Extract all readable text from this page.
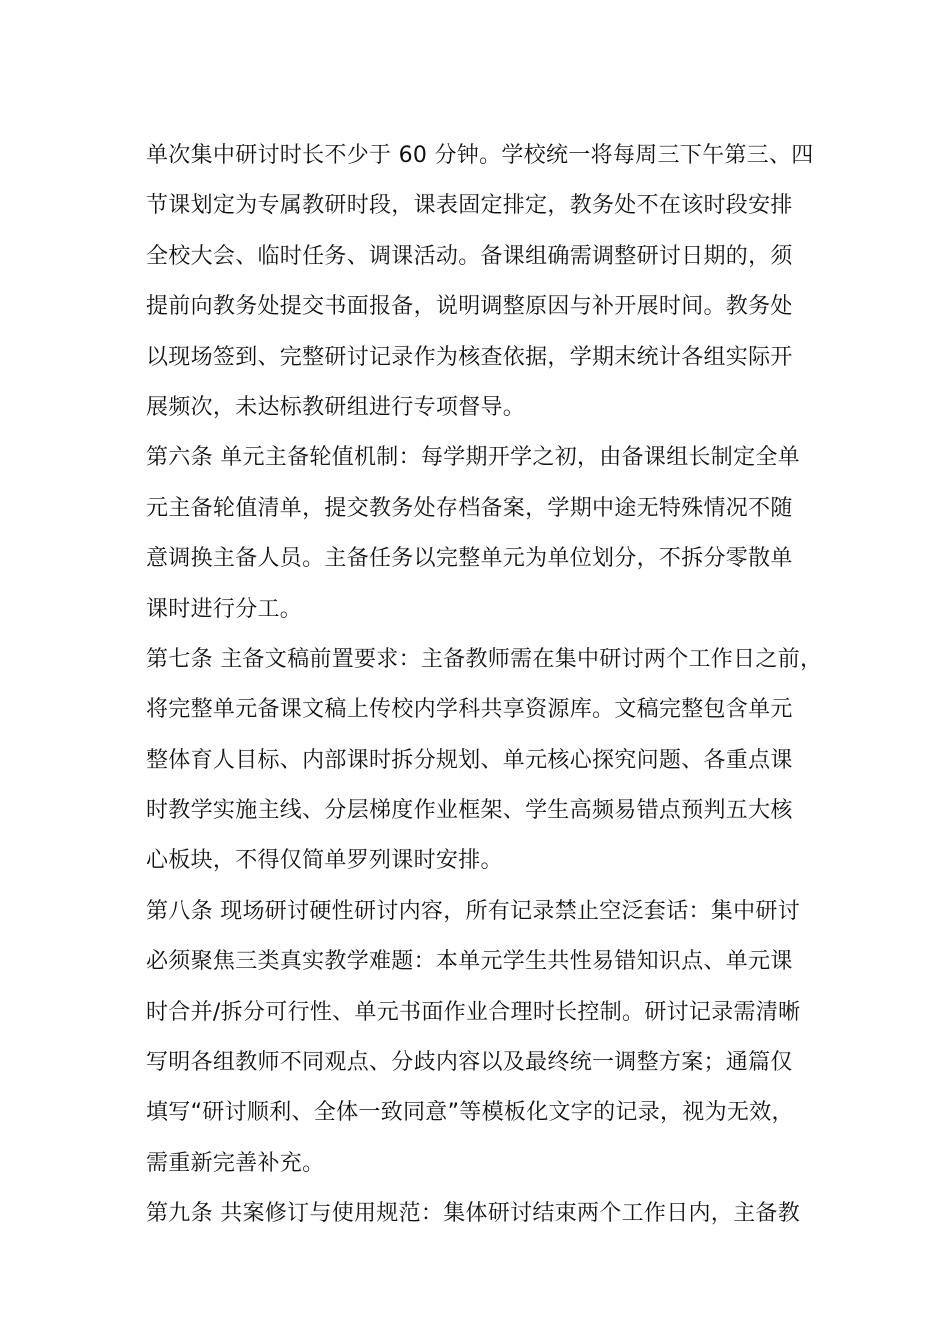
单次集中研讨时长不少于 60 分钟。学校统一将每周三下午第三、四
节课划定为专属教研时段，课表固定排定，教务处不在该时段安排
全校大会、临时任务、调课活动。备课组确需调整研讨日期的，须
提前向教务处提交书面报备，说明调整原因与补开展时间。教务处
以现场签到、完整研讨记录作为核查依据，学期末统计各组实际开
展频次，未达标教研组进行专项督导。
第六条 单元主备轮值机制：每学期开学之初，由备课组长制定全单
元主备轮值清单，提交教务处存档备案，学期中途无特殊情况不随
意调换主备人员。主备任务以完整单元为单位划分，不拆分零散单
课时进行分工。
第七条 主备文稿前置要求：主备教师需在集中研讨两个工作日之前，
将完整单元备课文稿上传校内学科共享资源库。文稿完整包含单元
整体育人目标、内部课时拆分规划、单元核心探究问题、各重点课
时教学实施主线、分层梯度作业框架、学生高频易错点预判五大核
心板块，不得仅简单罗列课时安排。
第八条 现场研讨硬性研讨内容，所有记录禁止空泛套话：集中研讨
必须聚焦三类真实教学难题：本单元学生共性易错知识点、单元课
时合并/拆分可行性、单元书面作业合理时长控制。研讨记录需清晰
写明各组教师不同观点、分歧内容以及最终统一调整方案；通篇仅
填写“研讨顺利、全体一致同意”等模板化文字的记录，视为无效，
需重新完善补充。
第九条 共案修订与使用规范：集体研讨结束两个工作日内，主备教
